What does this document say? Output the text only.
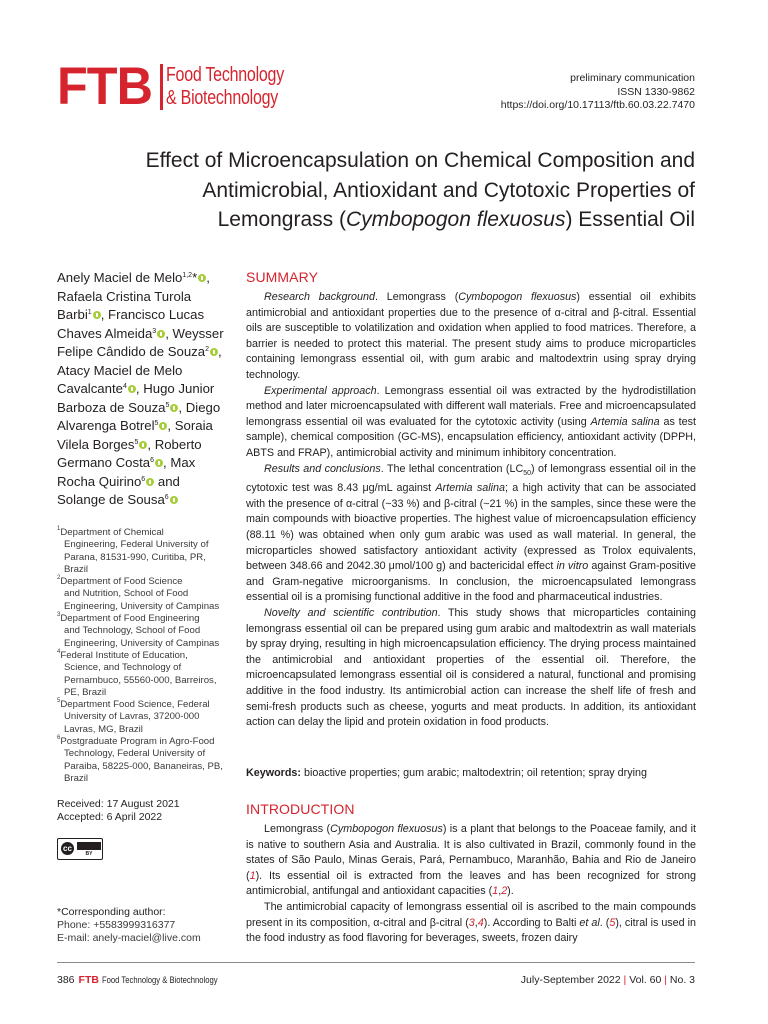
FTB Food Technology
& Biotechnology
preliminary communication
ISSN 1330-9862
https://doi.org/10.17113/ftb.60.03.22.7470
Effect of Microencapsulation on Chemical Composition and Antimicrobial, Antioxidant and Cytotoxic Properties of Lemongrass (Cymbopogon flexuosus) Essential Oil
Anely Maciel de Melo$^{1,2}$* , Rafaela Cristina Turola Barbi$^1$ , Francisco Lucas Chaves Almeida$^3$ , Weysser Felipe Cândido de Souza$^2$ , Atacy Maciel de Melo Cavalcante$^4$ , Hugo Junior Barboza de Souza$^5$ , Diego Alvarenga Botrel$^5$ , Soraia Vilela Borges$^5$ , Roberto Germano Costa$^6$ , Max Rocha Quirino$^6$ and Solange de Sousa$^6$
$^1$Department of Chemical
Engineering, Federal University of
Parana, 81531-990, Curitiba, PR, Brazil
$^2$Department of Food Science
and Nutrition, School of Food
Engineering, University of Campinas
$^3$Department of Food Engineering
and Technology, School of Food
Engineering, University of Campinas
$^4$Federal Institute of Education,
Science, and Technology of
Pernambuco, 55560-000, Barreiros,
PE, Brazil
$^5$Department Food Science, Federal
University of Lavras, 37200-000
Lavras, MG, Brazil
$^6$Postgraduate Program in Agro-Food
Technology, Federal University of
Paraiba, 58225-000, Bananeiras, PB,
Brazil
Received: 17 August 2021
Accepted: 6 April 2022
cc
BY
*Corresponding author:
Phone: +5583999316377
E-mail: anely-maciel@live.com
SUMMARY

Research background. Lemongrass (Cymbopogon flexuosus) essential oil exhibits antimicrobial and antioxidant properties due to the presence of α-citral and β-citral. Essential oils are susceptible to volatilization and oxidation when applied to food matrices. Therefore, a barrier is needed to protect this material. The present study aims to produce microparticles containing lemongrass essential oil, with gum arabic and maltodextrin using spray drying technology.

Experimental approach. Lemongrass essential oil was extracted by the hydrodistillation method and later microencapsulated with different wall materials. Free and microencapsulated lemongrass essential oil was evaluated for the cytotoxic activity (using Artemia salina as test sample), chemical composition (GC-MS), encapsulation efficiency, antioxidant activity (DPPH, ABTS and FRAP), antimicrobial activity and minimum inhibitory concentration.

Results and conclusions. The lethal concentration $(LC_{50})$ of lemongrass essential oil in the cytotoxic test was 8.43 μg/mL against Artemia salina; a high activity that can be associated with the presence of α-citral (~33 %) and β-citral (~21 %) in the samples, since these were the main compounds with bioactive properties. The highest value of microencapsulation efficiency (88.11 %) was obtained when only gum arabic was used as wall material. In general, the microparticles showed satisfactory antioxidant activity (expressed as Trolox equivalents, between 348.66 and 2042.30 μmol/100 g) and bactericidal effect in vitro against Gram-positive and Gram-negative microorganisms. In conclusion, the microencapsulated lemongrass essential oil is a promising functional additive in the food and pharmaceutical industries.

Novelty and scientific contribution. This study shows that microparticles containing lemongrass essential oil can be prepared using gum arabic and maltodextrin as wall materials by spray drying, resulting in high microencapsulation efficiency. The drying process maintained the antimicrobial and antioxidant properties of the essential oil. Therefore, the microencapsulated lemongrass essential oil is considered a natural, functional and promising additive in the food industry. Its antimicrobial action can increase the shelf life of fresh and semi-fresh products such as cheese, yogurts and meat products. In addition, its antioxidant action can delay the lipid and protein oxidation in food products.

Keywords: bioactive properties; gum arabic; maltodextrin; oil retention; spray drying
INTRODUCTION

Lemongrass (Cymbopogon flexuosus) is a plant that belongs to the Poaceae family, and it is native to southern Asia and Australia. It is also cultivated in Brazil, commonly found in the states of São Paulo, Minas Gerais, Pará, Pernambuco, Maranhão, Bahia and Rio de Janeiro (1). Its essential oil is extracted from the leaves and has been recognized for strong antimicrobial, antifungal and antioxidant capacities (1,2).

The antimicrobial capacity of lemongrass essential oil is ascribed to the main compounds present in its composition, α-citral and β-citral (3,4). According to Balti et al. (5), citral is used in the food industry as food flavoring for beverages, sweets, frozen dairy

386 FTB Food Technology & Biotechnology	July-September 2022 | Vol. 60 | No. 3
